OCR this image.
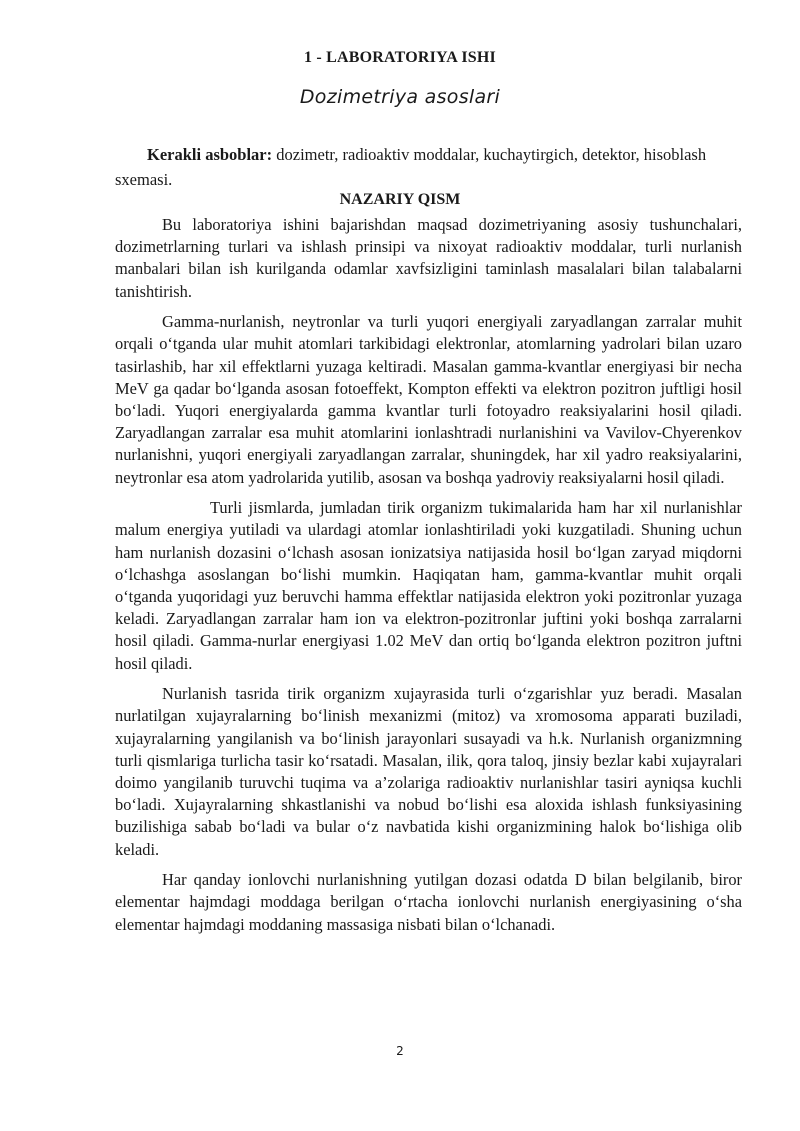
1 - LABORATORIYA ISHI
Dozimetriya asoslari
Kerakli asboblar: dozimetr, radioaktiv moddalar, kuchaytirgich, detektor, hisoblash sxemasi.
NAZARIY QISM

Bu laboratoriya ishini bajarishdan maqsad dozimetriyaning asosiy tushunchalari, dozimetrlarning turlari va ishlash prinsipi va nixoyat radioaktiv moddalar, turli nurlanish manbalari bilan ish kurilganda odamlar xavfsizligini taminlash masalalari bilan talabalarni tanishtirish.

Gamma-nurlanish, neytronlar va turli yuqori energiyali zaryadlangan zarralar muhit orqali o‘tganda ular muhit atomlari tarkibidagi elektronlar, atomlarning yadrolari bilan uzaro tasirlashib, har xil effektlarni yuzaga keltiradi. Masalan gamma-kvantlar energiyasi bir necha MeV ga qadar bo‘lganda asosan fotoeffekt, Kompton effekti va elektron pozitron juftligi hosil bo‘ladi. Yuqori energiyalarda gamma kvantlar turli fotoyadro reaksiyalarini hosil qiladi. Zaryadlangan zarralar esa muhit atomlarini ionlashtradi nurlanishini va Vavilov-Chyerenkov nurlanishni, yuqori energiyali zaryadlangan zarralar, shuningdek, har xil yadro reaksiyalarini, neytronlar esa atom yadrolarida yutilib, asosan va boshqa yadroviy reaksiyalarni hosil qiladi.

Turli jismlarda, jumladan tirik organizm tukimalarida ham har xil nurlanishlar malum energiya yutiladi va ulardagi atomlar ionlashtiriladi yoki kuzgatiladi. Shuning uchun ham nurlanish dozasini o‘lchash asosan ionizatsiya natijasida hosil bo‘lgan zaryad miqdorni o‘lchashga asoslangan bo‘lishi mumkin. Haqiqatan ham, gamma-kvantlar muhit orqali o‘tganda yuqoridagi yuz beruvchi hamma effektlar natijasida elektron yoki pozitronlar yuzaga keladi. Zaryadlangan zarralar ham ion va elektron-pozitronlar juftini yoki boshqa zarralarni hosil qiladi. Gamma-nurlar energiyasi 1.02 MeV dan ortiq bo‘lganda elektron pozitron juftni hosil qiladi.

Nurlanish tasrida tirik organizm xujayrasida turli o‘zgarishlar yuz beradi. Masalan nurlatilgan xujayralarning bo‘linish mexanizmi (mitoz) va xromosoma apparati buziladi, xujayralarning yangilanish va bo‘linish jarayonlari susayadi va h.k. Nurlanish organizmning turli qismlariga turlicha tasir ko‘rsatadi. Masalan, ilik, qora taloq, jinsiy bezlar kabi xujayralari doimo yangilanib turuvchi tuqima va a’zolariga radioaktiv nurlanishlar tasiri ayniqsa kuchli bo‘ladi. Xujayralarning shkastlanishi va nobud bo‘lishi esa aloxida ishlash funksiyasining buzilishiga sabab bo‘ladi va bular o‘z navbatida kishi organizmining halok bo‘lishiga olib keladi.

Har qanday ionlovchi nurlanishning yutilgan dozasi odatda D bilan belgilanib, biror elementar hajmdagi moddaga berilgan o‘rtacha ionlovchi nurlanish energiyasining o‘sha elementar hajmdagi moddaning massasiga nisbati bilan o‘lchanadi.

2
